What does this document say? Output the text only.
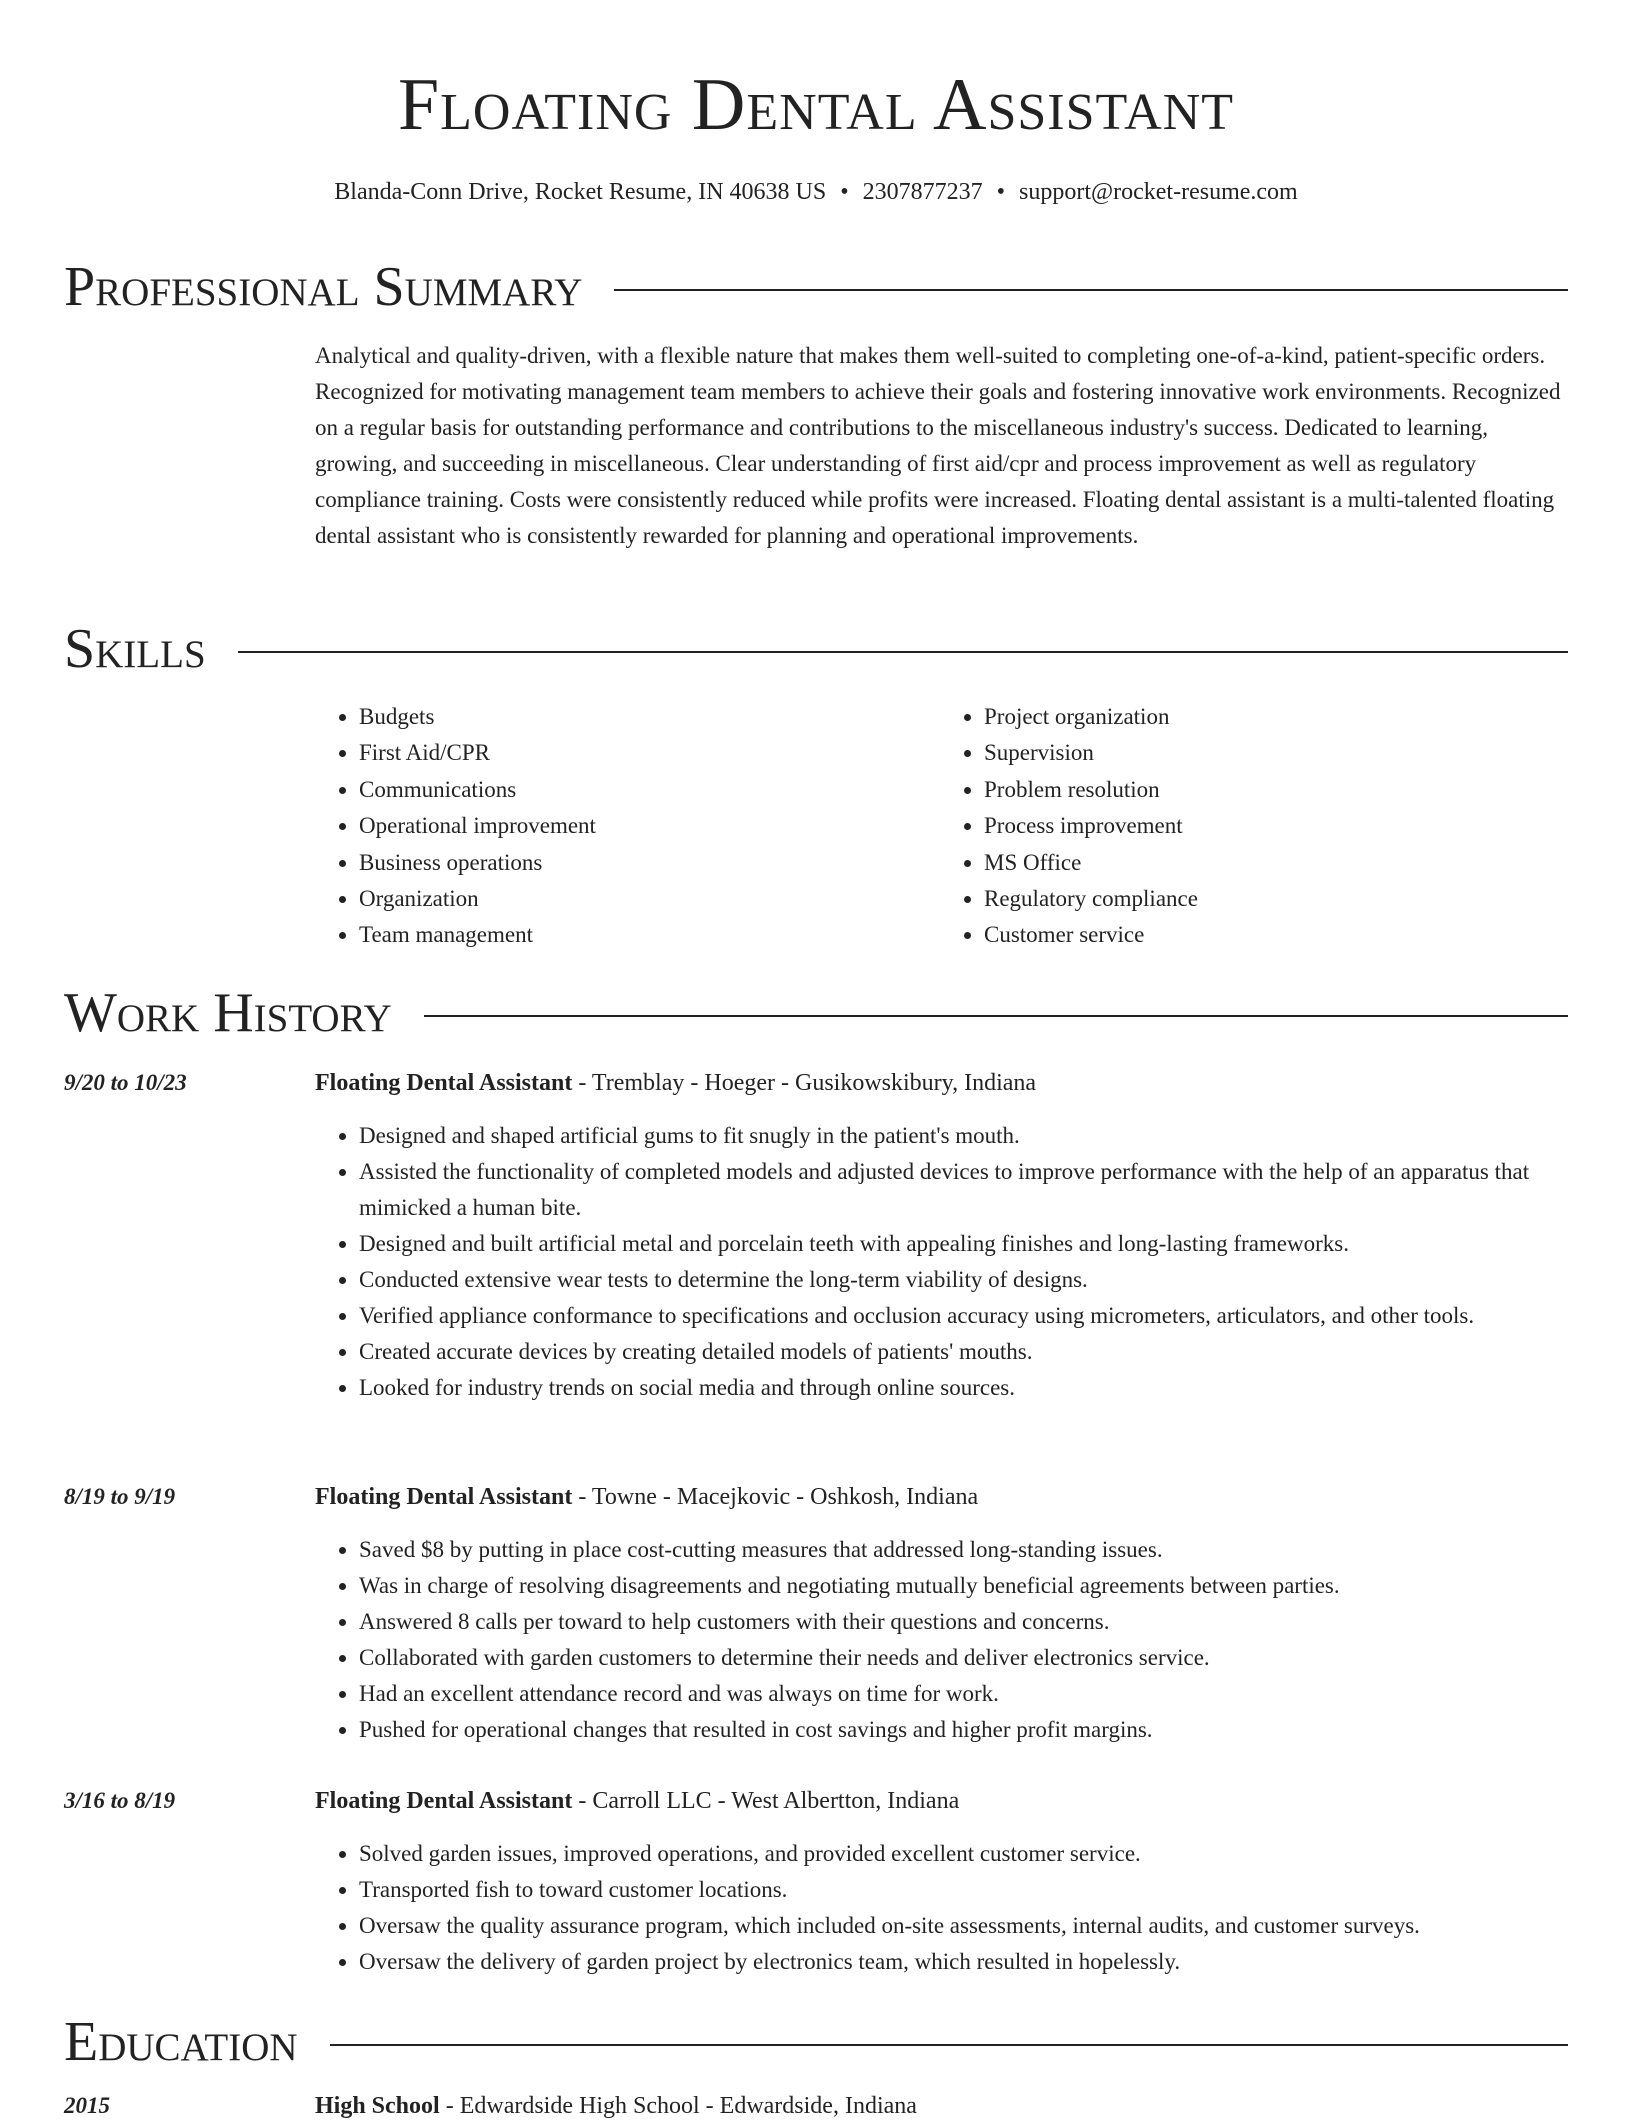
Floating Dental Assistant
Blanda-Conn Drive, Rocket Resume, IN 40638 US • 2307877237 • support@rocket-resume.com
Professional Summary
Analytical and quality-driven, with a flexible nature that makes them well-suited to completing one-of-a-kind, patient-specific orders. Recognized for motivating management team members to achieve their goals and fostering innovative work environments. Recognized on a regular basis for outstanding performance and contributions to the miscellaneous industry's success. Dedicated to learning, growing, and succeeding in miscellaneous. Clear understanding of first aid/cpr and process improvement as well as regulatory compliance training. Costs were consistently reduced while profits were increased. Floating dental assistant is a multi-talented floating dental assistant who is consistently rewarded for planning and operational improvements.
Skills
• Budgets
• First Aid/CPR
• Communications
• Operational improvement
• Business operations
• Organization
• Team management
• Project organization
• Supervision
• Problem resolution
• Process improvement
• MS Office
• Regulatory compliance
• Customer service
Work History
9/20 to 10/23	Floating Dental Assistant - Tremblay - Hoeger - Gusikowskibury, Indiana
• Designed and shaped artificial gums to fit snugly in the patient's mouth.
• Assisted the functionality of completed models and adjusted devices to improve performance with the help of an apparatus that mimicked a human bite.
• Designed and built artificial metal and porcelain teeth with appealing finishes and long-lasting frameworks.
• Conducted extensive wear tests to determine the long-term viability of designs.
• Verified appliance conformance to specifications and occlusion accuracy using micrometers, articulators, and other tools.
• Created accurate devices by creating detailed models of patients' mouths.
• Looked for industry trends on social media and through online sources.
8/19 to 9/19	Floating Dental Assistant - Towne - Macejkovic - Oshkosh, Indiana
• Saved $8 by putting in place cost-cutting measures that addressed long-standing issues.
• Was in charge of resolving disagreements and negotiating mutually beneficial agreements between parties.
• Answered 8 calls per toward to help customers with their questions and concerns.
• Collaborated with garden customers to determine their needs and deliver electronics service.
• Had an excellent attendance record and was always on time for work.
• Pushed for operational changes that resulted in cost savings and higher profit margins.
3/16 to 8/19	Floating Dental Assistant - Carroll LLC - West Albertton, Indiana
• Solved garden issues, improved operations, and provided excellent customer service.
• Transported fish to toward customer locations.
• Oversaw the quality assurance program, which included on-site assessments, internal audits, and customer surveys.
• Oversaw the delivery of garden project by electronics team, which resulted in hopelessly.
Education
2015	High School - Edwardside High School - Edwardside, Indiana
